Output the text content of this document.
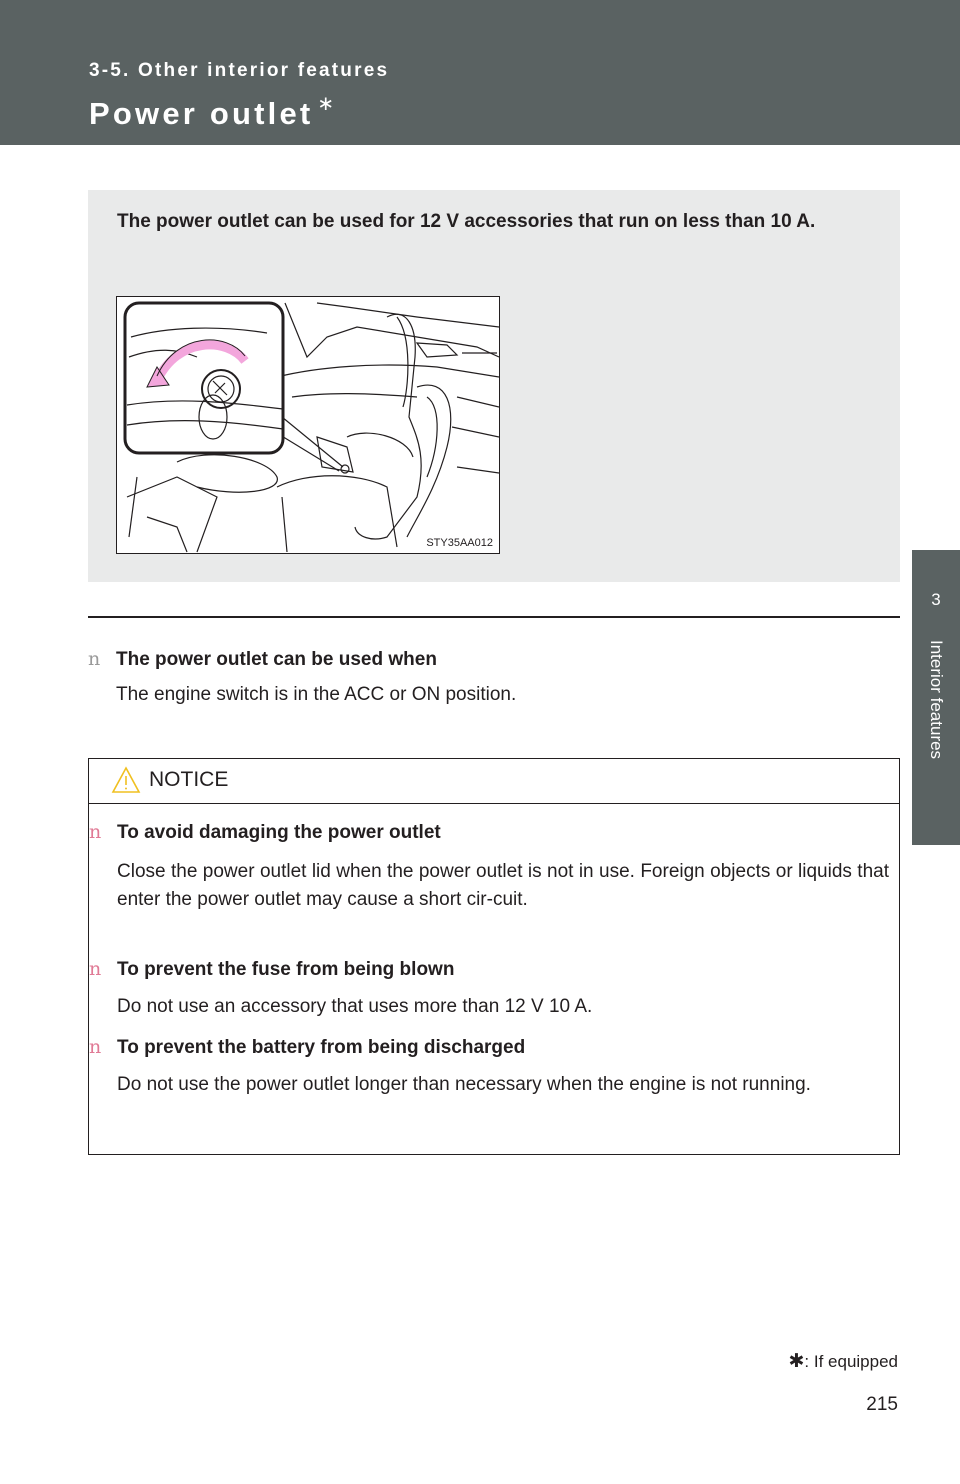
3-5. Other interior features
Power outlet ∗
3
Interior features
The power outlet can be used for 12 V accessories that run on less than 10 A.
STY35AA012
n The power outlet can be used when
The engine switch is in the ACC or ON position.
NOTICE
n To avoid damaging the power outlet
Close the power outlet lid when the power outlet is not in use. Foreign objects or liquids that enter the power outlet may cause a short cir-cuit.
n To prevent the fuse from being blown
Do not use an accessory that uses more than 12 V 10 A.
n To prevent the battery from being discharged
Do not use the power outlet longer than necessary when the engine is not running.
✱: If equipped
215
